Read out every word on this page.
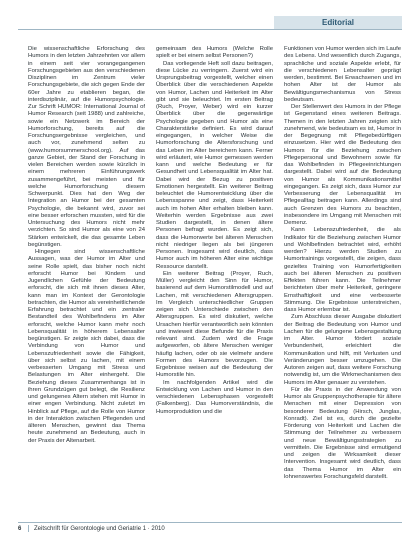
Editorial

Die wissenschaftliche Erforschung des Humors in den letzten Jahrzehnten vor allem in einem seit vier vorangegangenen Forschungsgebieten aus den verschiedenen Disziplinen im Zentrum vieler Forschungsgebiete, die sich gegen Ende der 60er Jahre zu etablieren began, die interdisziplinär, auf die Humorpsychologie. Zur Schrift HUMOR: International Journal of Humor Research (seit 1988) und zahlreiche, sowie ein Netzwerk im Bereich der Humorforschung, bereits auf die Forschungsergebnisse vergleichen, und auch vor, zunehmend selten zu (www.humorsummerschool.org). Auf das ganze Gebiet, der Stand der Forschung in vielen Bereichen werden sowie kürzlich in einem mehreren Einführungswerk zusammengeführt, bei meisten und für welche Humorforschung diesem Schwerpunkt. Dies hat den Weg der Integration an Humor bei der gesamten Psychologie, die bekannt wird, zuvor sei eine besser erforschen mussten, wird für die Untersuchung des Humors nicht mehr verzichten. So sind Humor als eine von 24 Stärken entwickelt, die das gesamte Leben begünstigen.

Hingegen sind wissenschaftliche Aussagen, was der Humor im Alter und seine Rolle spielt, das bisher noch nicht erforscht Humor bei Kindern und Jugendlichen Gefühle der Bedeutung erforscht, die sich mit ihnen dieses Alter, kann man im Kontext der Gerontologie betrachten, die Humor als vereinheitlichende Erfahrung betrachtet und ein zentraler Bestandteil des Wohlbefindens im Alter erforscht, welche Humor kann mehr noch Lebensqualität in höherem Lebensalter begünstigen. Er zeigte sich dabei, dass die Verbindung von Humor und Lebenszufriedenheit sowie die Fähigkeit, über sich selbst zu lachen, mit einem verbesserten Umgang mit Stress und Belastungen im Alter einhergeht. Die Beziehung dieses Zusammenhangs ist in ihren Grundzügen gut belegt, die Resilienz und gelungenes Altern stehen mit Humor in einer engen Verbindung. Nicht zuletzt im Hinblick auf Pflege, auf die Rolle von Humor in der Interaktion zwischen Pflegenden und älteren Menschen, gewinnt das Thema heute zunehmend an Bedeutung, auch in der Praxis der Altenarbeit.

gemeinsam des Humors (Welche Rolle spielt er bei einem selbst Personen?)

Das vorliegende Heft soll dazu beitragen, diese Lücke zu verringern. Zuerst wird ein Ursprungsbeitrag vorgestellt, welcher einen Überblick über die verschiedenen Aspekte von Humor, Lachen und Heiterkeit im Alter gibt und sie beleuchtet. Im ersten Beitrag (Ruch, Proyer, Weber) wird ein kurzer Überblick über die gegenwärtige Psychologie gegeben und Humor als eine Charakterstärke definiert. Es wird darauf eingegangen, in welcher Weise die Humorforschung die Altersforschung und das Leben im Alter bereichern kann. Ferner wird erläutert, wie Humor gemessen werden kann und welche Bedeutung er für Gesundheit und Lebensqualität im Alter hat. Dabei wird der Bezug zu positiven Emotionen hergestellt. Ein weiterer Beitrag beleuchtet die Humorentwicklung über die Lebensspanne und zeigt, dass Heiterkeit auch im hohen Alter erhalten bleiben kann. Weiterhin werden Ergebnisse aus zwei Studien dargestellt, in denen ältere Personen befragt wurden. Es zeigt sich, dass die Humorwerte bei älteren Menschen nicht niedriger liegen als bei jüngeren Personen. Insgesamt wird deutlich, dass Humor auch im höheren Alter eine wichtige Ressource darstellt.

Ein weiterer Beitrag (Proyer, Ruch, Müller) vergleicht den Sinn für Humor, basierend auf dem Humorstilmodell und auf Lachen, mit verschiedenen Altersgruppen. Im Vergleich unterschiedlicher Gruppen zeigen sich Unterschiede zwischen den Altersgruppen. Es wird diskutiert, welche Ursachen hierfür verantwortlich sein könnten und inwieweit diese Befunde für die Praxis relevant sind. Zudem wird die Frage aufgeworfen, ob ältere Menschen weniger häufig lachen, oder ob sie vielmehr andere Formen des Humors bevorzugen. Die Ergebnisse weisen auf die Bedeutung der Humorstile hin.

Im nachfolgenden Artikel wird die Entwicklung von Lachen und Humor in den verschiedenen Lebensphasen vorgestellt (Falkenberg). Das Humorverständnis, die Humorproduktion und die

Funktionen von Humor werden sich im Laufe des Lebens. Und wesentlich durch Zugangs, sprachliche und soziale Aspekte erlebt, für die verschiedenen Lebensalter geprägt werden, bestimmt. Bei Erwachsenen und im hohen Alter ist der Humor als Bewältigungsmechanismus von Stress bedeutsam.

Der Stellenwert des Humors in der Pflege ist Gegenstand eines weiteren Beitrags. Themen in den letzten Jahren zeigten sich zunehmend, wie bedeutsam es ist, Humor in der Begegnung mit Pflegebedürftigen einzusetzen. Hier wird die Bedeutung des Humors für die Beziehung zwischen Pflegepersonal und Bewohnern sowie für das Wohlbefinden in Pflegeeinrichtungen dargestellt. Dabei wird auf die Bedeutung von Humor als Kommunikationsmittel eingegangen. Es zeigt sich, dass Humor zur Verbesserung der Lebensqualität im Pflegealltag beitragen kann. Allerdings sind auch Grenzen des Humors zu beachten, insbesondere im Umgang mit Menschen mit Demenz.

Kann Lebenszufriedenheit, die als Indikator für die Beziehung zwischen Humor und Wohlbefinden betrachtet wird, erhöht werden? Hierzu werden Studien zu Humortrainings vorgestellt, die zeigen, dass gezieltes Training von Humorfertigkeiten auch bei älteren Menschen zu positiven Effekten führen kann. Die Teilnehmer berichteten über mehr Heiterkeit, geringere Ernsthaftigkeit und eine verbesserte Stimmung. Die Ergebnisse unterstreichen, dass Humor erlernbar ist.

Zum Abschluss dieser Ausgabe diskutiert der Beitrag die Bedeutung von Humor und Lachen für die gelungene Lebensgestaltung im Alter. Humor fördert soziale Verbundenheit, erleichtert die Kommunikation und hilft, mit Verlusten und Veränderungen besser umzugehen. Die Autoren zeigen auf, dass weitere Forschung notwendig ist, um die Wirkmechanismen des Humors im Alter genauer zu verstehen.

Für die Praxis in der Anwendung von Humor als Gruppenpsychotherapie für ältere Menschen mit einer Depression von besonderer Bedeutung (Hirsch, Junglas, Konradt). Ziel ist es, durch die gezielte Förderung von Heiterkeit und Lachen die Stimmung der Teilnehmer zu verbessern und neue Bewältigungsstrategien zu vermitteln. Die Ergebnisse sind ermutigend und zeigen die Wirksamkeit dieser Intervention. Insgesamt wird deutlich, dass das Thema Humor im Alter ein lohnenswertes Forschungsfeld darstellt.

6 Zeitschrift für Gerontologie und Geriatrie 1 · 2010
